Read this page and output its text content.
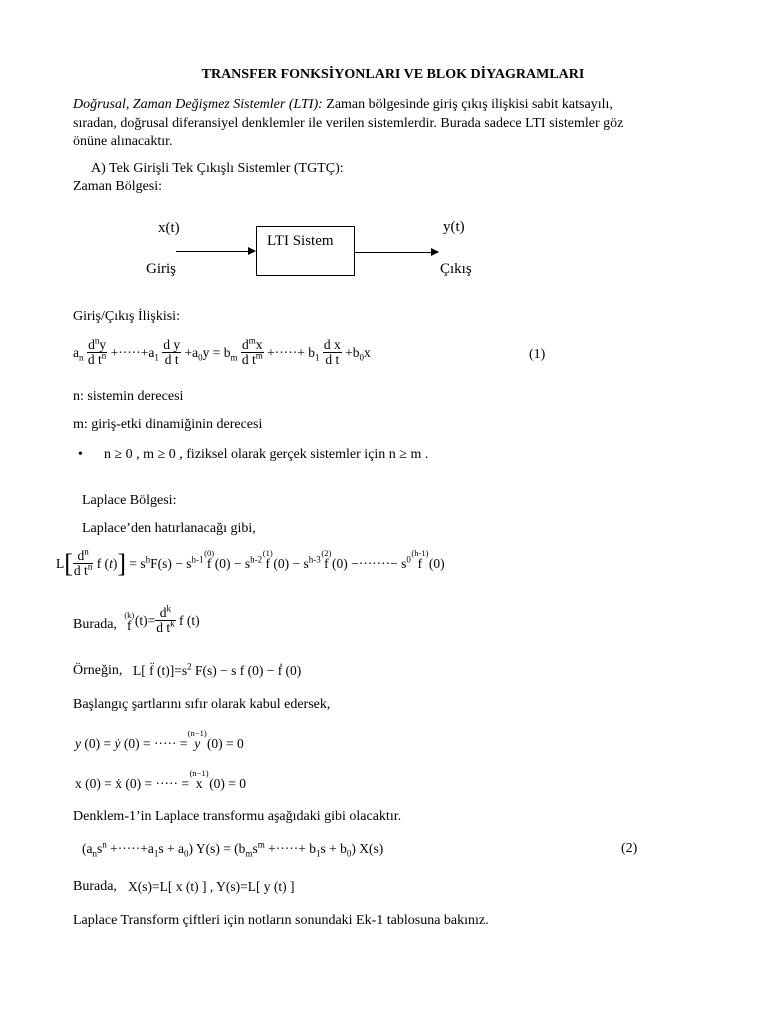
TRANSFER FONKSİYONLARI VE BLOK DİYAGRAMLARI
Doğrusal, Zaman Değişmez Sistemler (LTI): Zaman bölgesinde giriş çıkış ilişkisi sabit katsayılı,
sıradan, doğrusal diferansiyel denklemler ile verilen sistemlerdir. Burada sadece LTI sistemler göz
önüne alınacaktır.
A) Tek Girişli Tek Çıkışlı Sistemler (TGTÇ):
Zaman Bölgesi:
x(t)
Giriş
LTI Sistem
y(t)
Çıkış
Giriş/Çıkış İlişkisi:
$a_n \frac{d^ny}{d t^n} +\cdot\cdot\cdot\cdot\cdot+a_1 \frac{\text{d y}}{\text{d t}} +a_0y = b_m \frac{d^mx}{d t^m}$ +·····+ $b_1 \frac{\text{d x}}{\text{d t}} +b_0x$	(1)
n: sistemin derecesi
m: giriş-etki dinamiğinin derecesi
• n ≥ 0 , m ≥ 0 , fiziksel olarak gerçek sistemler için n ≥ m .
Laplace Bölgesi:
Laplace’den hatırlanacağı gibi,
L [ $\frac{d^n}{d t^n}$ f (t) ] = $s^hF(s) - s^{h-1}$
(0)
f $(0) - s^{h-2}$
(1)
f $(0) - s^{h-3}$
(2)
f (0) −·······− $s^0$
(h-1)
f  (0)
Burada,
(k)
f $(t)= \frac{d^k}{d t^k}$ f (t)
Örneğin, L[ f̈ $(t)]=s^2$ F(s) − s f (0) − ḟ (0)
Başlangıç şartlarını sıfır olarak kabul edersek,
y (0) = ẏ (0) = ····· =
(n−1)
y  (0) = 0
x (0) = ẋ (0) = ····· =
(n−1)
x  (0) = 0
Denklem-1’in Laplace transformu aşağıdaki gibi olacaktır.
$(a_ns^n +\cdot\cdot\cdot\cdot\cdot+a_1s + a_0) Y(s) = (b_ms^m$ +·····+ $b_1s + b_0$) X(s)	(2)
Burada, X(s)=L[ x (t) ] , Y(s)=L[ y (t) ]
Laplace Transform çiftleri için notların sonundaki Ek-1 tablosuna bakınız.
